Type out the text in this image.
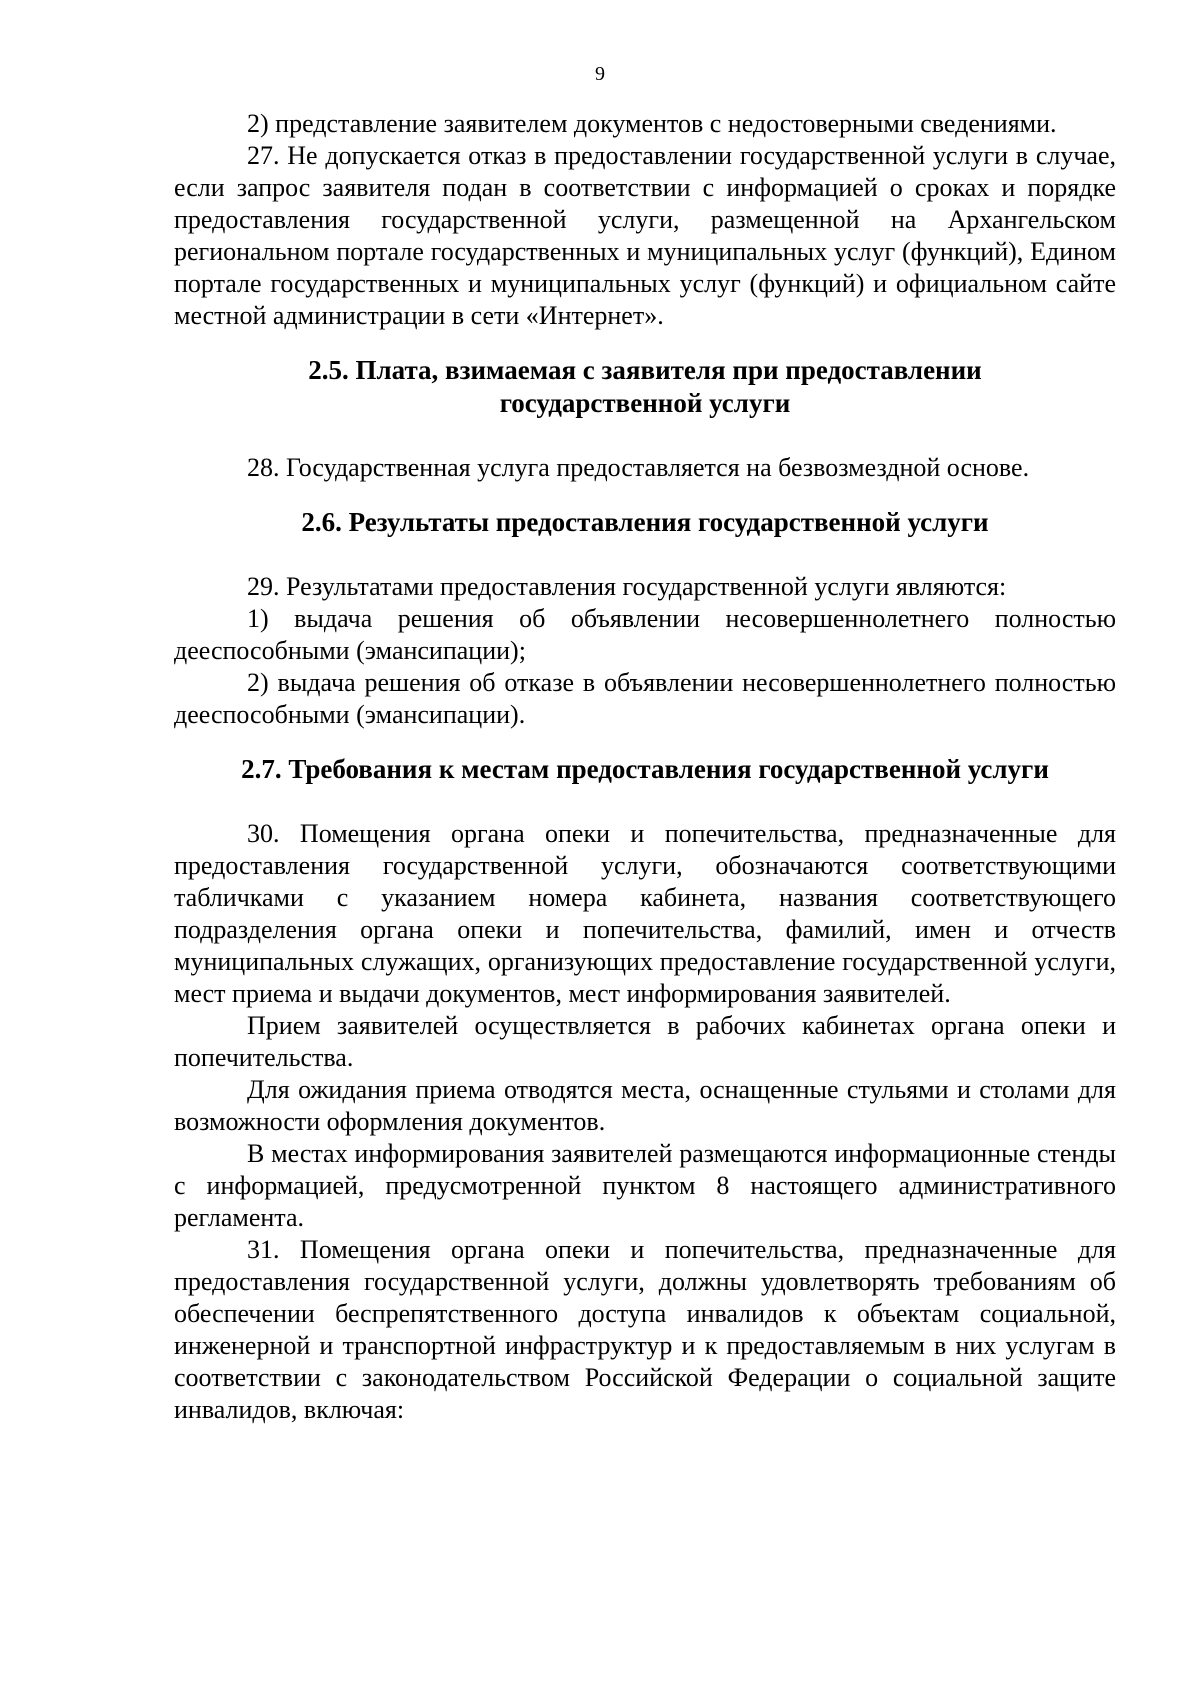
9

2) представление заявителем документов с недостоверными сведениями.

27. Не допускается отказ в предоставлении государственной услуги в случае, если запрос заявителя подан в соответствии с информацией о сроках и порядке предоставления государственной услуги, размещенной на Архангельском региональном портале государственных и муниципальных услуг (функций), Едином портале государственных и муниципальных услуг (функций) и официальном сайте местной администрации в сети «Интернет».

2.5. Плата, взимаемая с заявителя при предоставлении
государственной услуги

28. Государственная услуга предоставляется на безвозмездной основе.

2.6. Результаты предоставления государственной услуги

29. Результатами предоставления государственной услуги являются:

1) выдача решения об объявлении несовершеннолетнего полностью дееспособными (эмансипации);

2) выдача решения об отказе в объявлении несовершеннолетнего полностью дееспособными (эмансипации).

2.7. Требования к местам предоставления государственной услуги

30. Помещения органа опеки и попечительства, предназначенные для предоставления государственной услуги, обозначаются соответствующими табличками с указанием номера кабинета, названия соответствующего подразделения органа опеки и попечительства, фамилий, имен и отчеств муниципальных служащих, организующих предоставление государственной услуги, мест приема и выдачи документов, мест информирования заявителей.

Прием заявителей осуществляется в рабочих кабинетах органа опеки и попечительства.

Для ожидания приема отводятся места, оснащенные стульями и столами для возможности оформления документов.

В местах информирования заявителей размещаются информационные стенды с информацией, предусмотренной пунктом 8 настоящего административного регламента.

31. Помещения органа опеки и попечительства, предназначенные для предоставления государственной услуги, должны удовлетворять требованиям об обеспечении беспрепятственного доступа инвалидов к объектам социальной, инженерной и транспортной инфраструктур и к предоставляемым в них услугам в соответствии с законодательством Российской Федерации о социальной защите инвалидов, включая:
